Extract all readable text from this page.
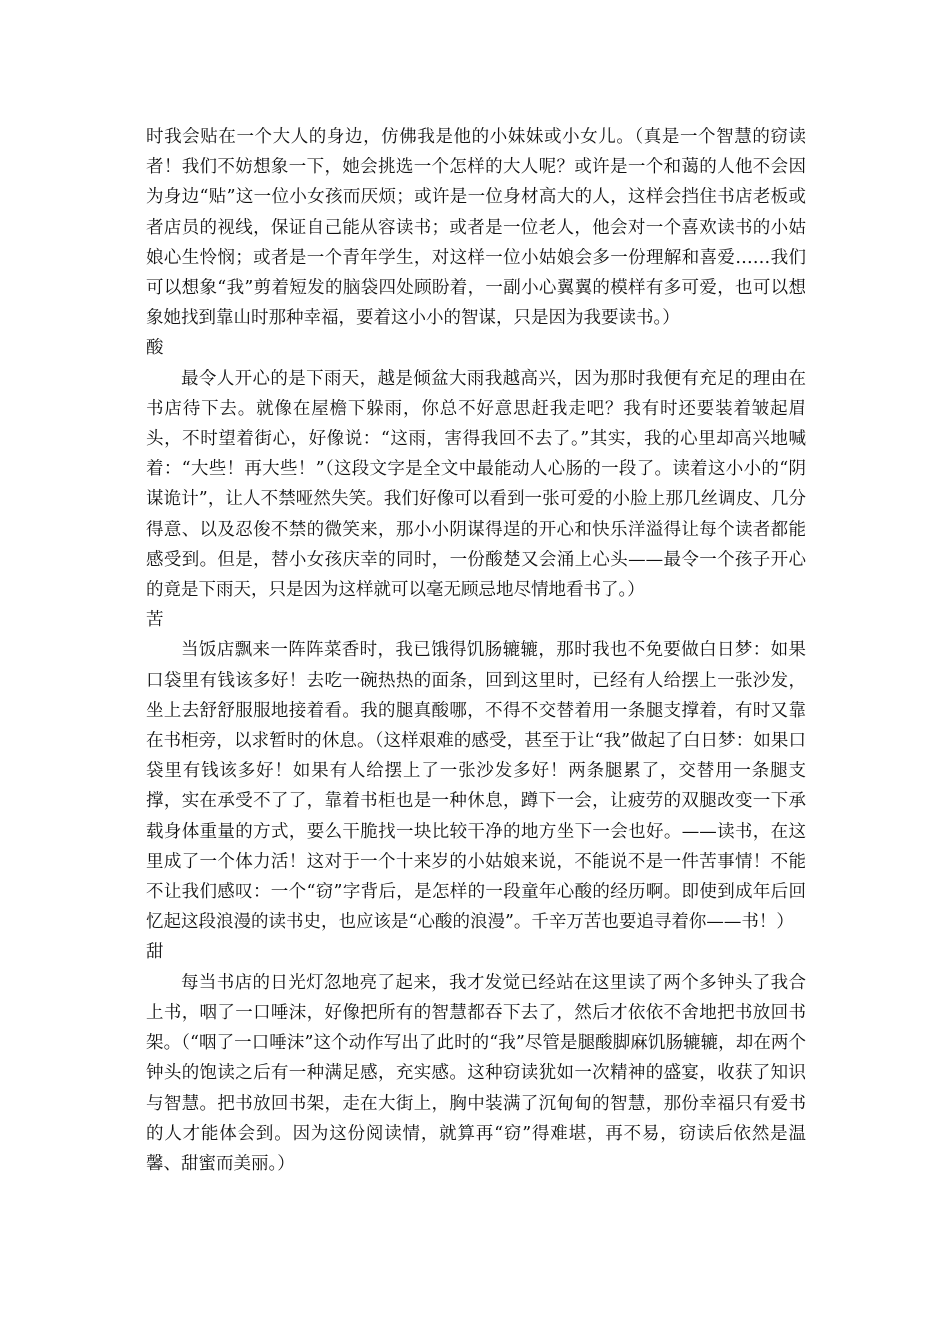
时我会贴在一个大人的身边，仿佛我是他的小妹妹或小女儿。（真是一个智慧的窃读者！我们不妨想象一下，她会挑选一个怎样的大人呢？或许是一个和蔼的人他不会因为身边“贴”这一位小女孩而厌烦；或许是一位身材高大的人，这样会挡住书店老板或者店员的视线，保证自己能从容读书；或者是一位老人，他会对一个喜欢读书的小姑娘心生怜悯；或者是一个青年学生，对这样一位小姑娘会多一份理解和喜爱……我们可以想象“我”剪着短发的脑袋四处顾盼着，一副小心翼翼的模样有多可爱，也可以想象她找到靠山时那种幸福，要着这小小的智谋，只是因为我要读书。）

酸

最令人开心的是下雨天，越是倾盆大雨我越高兴，因为那时我便有充足的理由在书店待下去。就像在屋檐下躲雨，你总不好意思赶我走吧？我有时还要装着皱起眉头，不时望着街心，好像说：“这雨，害得我回不去了。”其实，我的心里却高兴地喊着：“大些！再大些！”（这段文字是全文中最能动人心肠的一段了。读着这小小的“阴谋诡计”，让人不禁哑然失笑。我们好像可以看到一张可爱的小脸上那几丝调皮、几分得意、以及忍俊不禁的微笑来，那小小阴谋得逞的开心和快乐洋溢得让每个读者都能感受到。但是，替小女孩庆幸的同时，一份酸楚又会涌上心头——最令一个孩子开心的竟是下雨天，只是因为这样就可以毫无顾忌地尽情地看书了。）

苦

当饭店飘来一阵阵菜香时，我已饿得饥肠辘辘，那时我也不免要做白日梦：如果口袋里有钱该多好！去吃一碗热热的面条，回到这里时，已经有人给摆上一张沙发，坐上去舒舒服服地接着看。我的腿真酸哪，不得不交替着用一条腿支撑着，有时又靠在书柜旁，以求暂时的休息。（这样艰难的感受，甚至于让“我”做起了白日梦：如果口袋里有钱该多好！如果有人给摆上了一张沙发多好！两条腿累了，交替用一条腿支撑，实在承受不了了，靠着书柜也是一种休息，蹲下一会，让疲劳的双腿改变一下承载身体重量的方式，要么干脆找一块比较干净的地方坐下一会也好。——读书，在这里成了一个体力活！这对于一个十来岁的小姑娘来说，不能说不是一件苦事情！不能不让我们感叹：一个“窃”字背后，是怎样的一段童年心酸的经历啊。即使到成年后回忆起这段浪漫的读书史，也应该是“心酸的浪漫”。千辛万苦也要追寻着你——书！）

甜

每当书店的日光灯忽地亮了起来，我才发觉已经站在这里读了两个多钟头了我合上书，咽了一口唾沫，好像把所有的智慧都吞下去了，然后才依依不舍地把书放回书架。（“咽了一口唾沫”这个动作写出了此时的“我”尽管是腿酸脚麻饥肠辘辘，却在两个钟头的饱读之后有一种满足感，充实感。这种窃读犹如一次精神的盛宴，收获了知识与智慧。把书放回书架，走在大街上，胸中装满了沉甸甸的智慧，那份幸福只有爱书的人才能体会到。因为这份阅读情，就算再“窃”得难堪，再不易，窃读后依然是温馨、甜蜜而美丽。）
